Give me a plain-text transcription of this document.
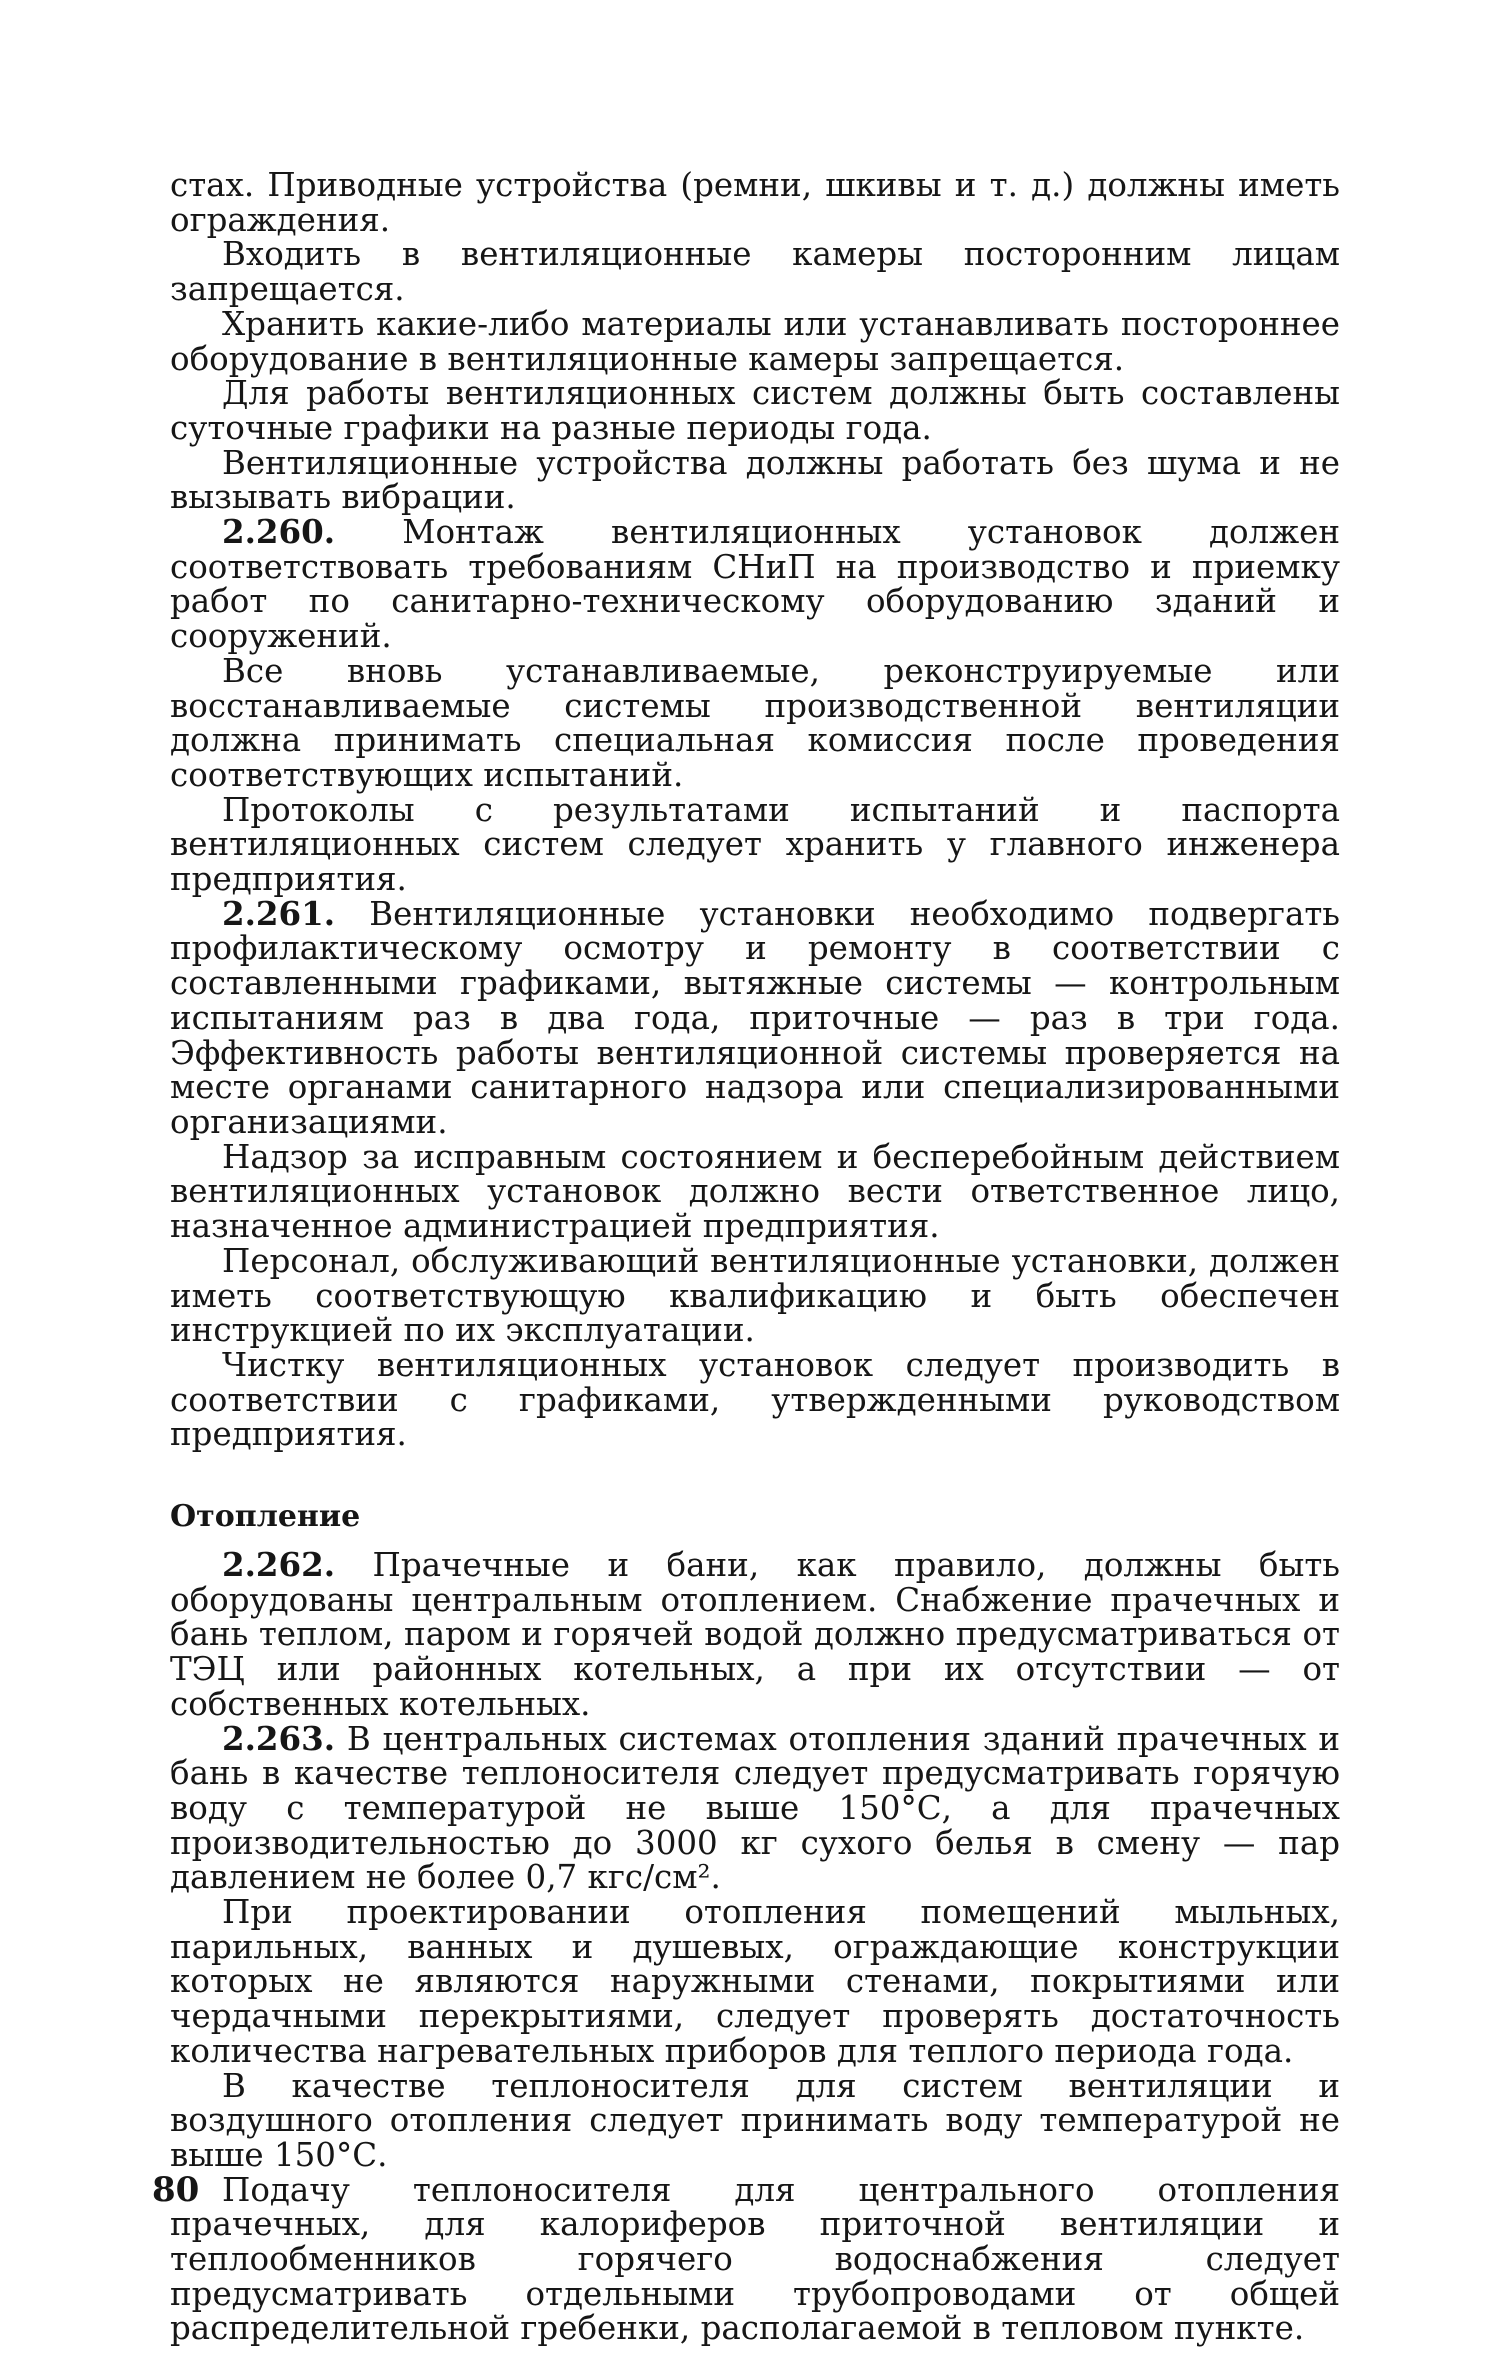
стах. Приводные устройства (ремни, шкивы и т. д.) должны иметь ограждения.

Входить в вентиляционные камеры посторонним лицам запрещается.

Хранить какие-либо материалы или устанавливать постороннее оборудование в вентиляционные камеры запрещается.

Для работы вентиляционных систем должны быть составлены суточные графики на разные периоды года.

Вентиляционные устройства должны работать без шума и не вызывать вибрации.

2.260. Монтаж вентиляционных установок должен соответствовать требованиям СНиП на производство и приемку работ по санитарно-техническому оборудованию зданий и сооружений.

Все вновь устанавливаемые, реконструируемые или восстанавливаемые системы производственной вентиляции должна принимать специальная комиссия после проведения соответствующих испытаний.

Протоколы с результатами испытаний и паспорта вентиляционных систем следует хранить у главного инженера предприятия.

2.261. Вентиляционные установки необходимо подвергать профилактическому осмотру и ремонту в соответствии с составленными графиками, вытяжные системы — контрольным испытаниям раз в два года, приточные — раз в три года. Эффективность работы вентиляционной системы проверяется на месте органами санитарного надзора или специализированными организациями.

Надзор за исправным состоянием и бесперебойным действием вентиляционных установок должно вести ответственное лицо, назначенное администрацией предприятия.

Персонал, обслуживающий вентиляционные установки, должен иметь соответствующую квалификацию и быть обеспечен инструкцией по их эксплуатации.

Чистку вентиляционных установок следует производить в соответствии с графиками, утвержденными руководством предприятия.

Отопление

2.262. Прачечные и бани, как правило, должны быть оборудованы центральным отоплением. Снабжение прачечных и бань теплом, паром и горячей водой должно предусматриваться от ТЭЦ или районных котельных, а при их отсутствии — от собственных котельных.

2.263. В центральных системах отопления зданий прачечных и бань в качестве теплоносителя следует предусматривать горячую воду с температурой не выше 150°С, а для прачечных производительностью до 3000 кг сухого белья в смену — пар давлением не более 0,7 кгс/см².

При проектировании отопления помещений мыльных, парильных, ванных и душевых, ограждающие конструкции которых не являются наружными стенами, покрытиями или чердачными перекрытиями, следует проверять достаточность количества нагревательных приборов для теплого периода года.

В качестве теплоносителя для систем вентиляции и воздушного отопления следует принимать воду температурой не выше 150°С.

Подачу теплоносителя для центрального отопления прачечных, для калориферов приточной вентиляции и теплообменников горячего водоснабжения следует предусматривать отдельными трубопроводами от общей распределительной гребенки, располагаемой в тепловом пункте.

80
